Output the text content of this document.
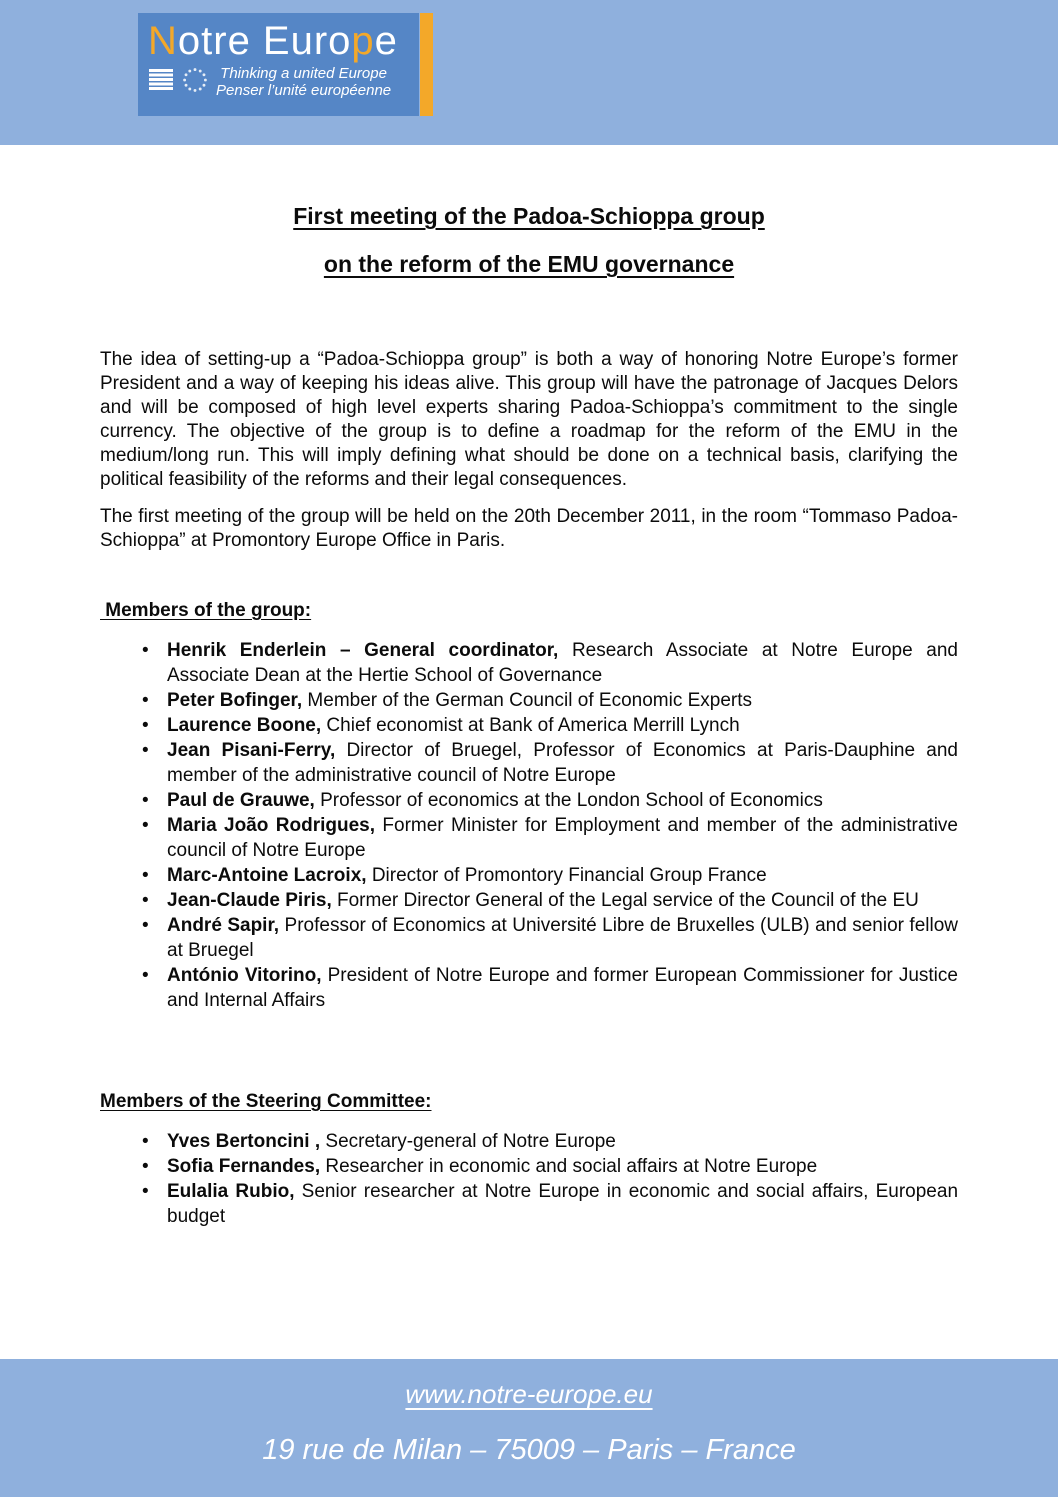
Notre Europe
Thinking a united Europe
Penser l’unité européenne
First meeting of the Padoa-Schioppa group
on the reform of the EMU governance

The idea of setting-up a “Padoa-Schioppa group” is both a way of honoring Notre Europe’s former President and a way of keeping his ideas alive. This group will have the patronage of Jacques Delors and will be composed of high level experts sharing Padoa-Schioppa’s commitment to the single currency. The objective of the group is to define a roadmap for the reform of the EMU in the medium/long run. This will imply defining what should be done on a technical basis, clarifying the political feasibility of the reforms and their legal consequences.

The first meeting of the group will be held on the 20th December 2011, in the room “Tommaso Padoa-Schioppa” at Promontory Europe Office in Paris.

Members of the group:

• Henrik Enderlein – General coordinator, Research Associate at Notre Europe and Associate Dean at the Hertie School of Governance
• Peter Bofinger, Member of the German Council of Economic Experts
• Laurence Boone, Chief economist at Bank of America Merrill Lynch
• Jean Pisani-Ferry, Director of Bruegel, Professor of Economics at Paris-Dauphine and member of the administrative council of Notre Europe
• Paul de Grauwe, Professor of economics at the London School of Economics
• Maria João Rodrigues, Former Minister for Employment and member of the administrative council of Notre Europe
• Marc-Antoine Lacroix, Director of Promontory Financial Group France
• Jean-Claude Piris, Former Director General of the Legal service of the Council of the EU
• André Sapir, Professor of Economics at Université Libre de Bruxelles (ULB) and senior fellow at Bruegel
• António Vitorino, President of Notre Europe and former European Commissioner for Justice and Internal Affairs

Members of the Steering Committee:

• Yves Bertoncini , Secretary-general of Notre Europe
• Sofia Fernandes, Researcher in economic and social affairs at Notre Europe
• Eulalia Rubio, Senior researcher at Notre Europe in economic and social affairs, European budget
www.notre-europe.eu
19 rue de Milan – 75009 – Paris – France
